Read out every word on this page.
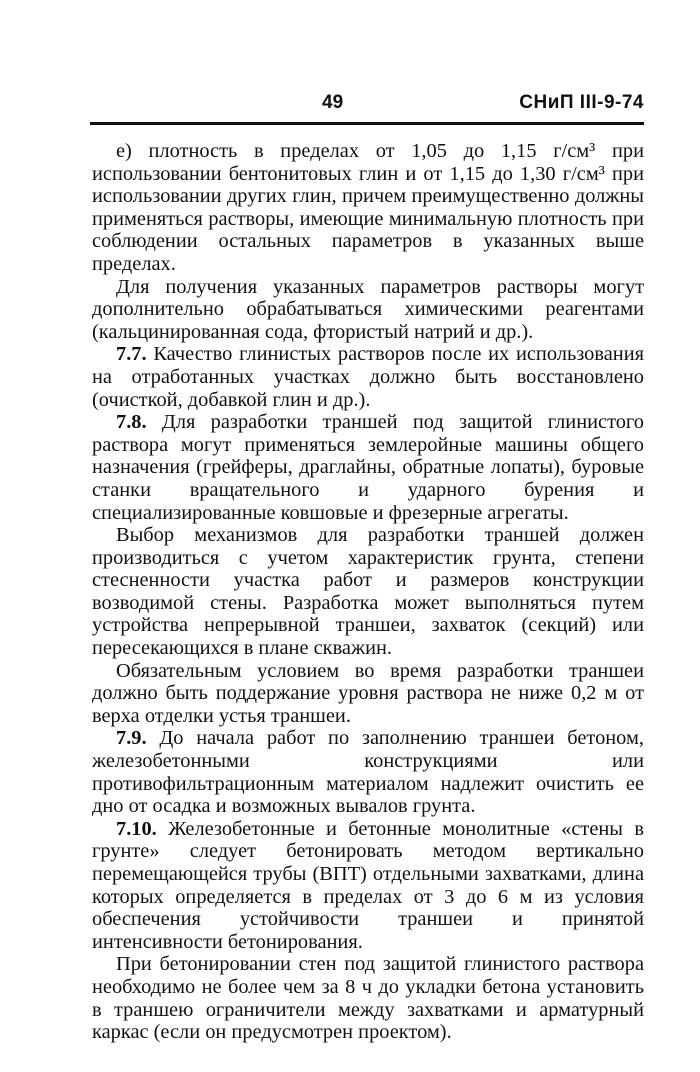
49	СНиП III-9-74

е) плотность в пределах от 1,05 до 1,15 г/см³ при использовании бентонитовых глин и от 1,15 до 1,30 г/см³ при использовании других глин, причем преимущественно должны применяться растворы, имеющие минимальную плотность при соблюдении остальных параметров в указанных выше пределах.

Для получения указанных параметров растворы могут дополнительно обрабатываться химическими реагентами (кальцинированная сода, фтористый натрий и др.).

7.7. Качество глинистых растворов после их использования на отработанных участках должно быть восстановлено (очисткой, добавкой глин и др.).

7.8. Для разработки траншей под защитой глинистого раствора могут применяться землеройные машины общего назначения (грейферы, драглайны, обратные лопаты), буровые станки вращательного и ударного бурения и специализированные ковшовые и фрезерные агрегаты.

Выбор механизмов для разработки траншей должен производиться с учетом характеристик грунта, степени стесненности участка работ и размеров конструкции возводимой стены. Разработка может выполняться путем устройства непрерывной траншеи, захваток (секций) или пересекающихся в плане скважин.

Обязательным условием во время разработки траншеи должно быть поддержание уровня раствора не ниже 0,2 м от верха отделки устья траншеи.

7.9. До начала работ по заполнению траншеи бетоном, железобетонными конструкциями или противофильтрационным материалом надлежит очистить ее дно от осадка и возможных вывалов грунта.

7.10. Железобетонные и бетонные монолитные «стены в грунте» следует бетонировать методом вертикально перемещающейся трубы (ВПТ) отдельными захватками, длина которых определяется в пределах от 3 до 6 м из условия обеспечения устойчивости траншеи и принятой интенсивности бетонирования.

При бетонировании стен под защитой глинистого раствора необходимо не более чем за 8 ч до укладки бетона установить в траншею ограничители между захватками и арматурный каркас (если он предусмотрен проектом).
